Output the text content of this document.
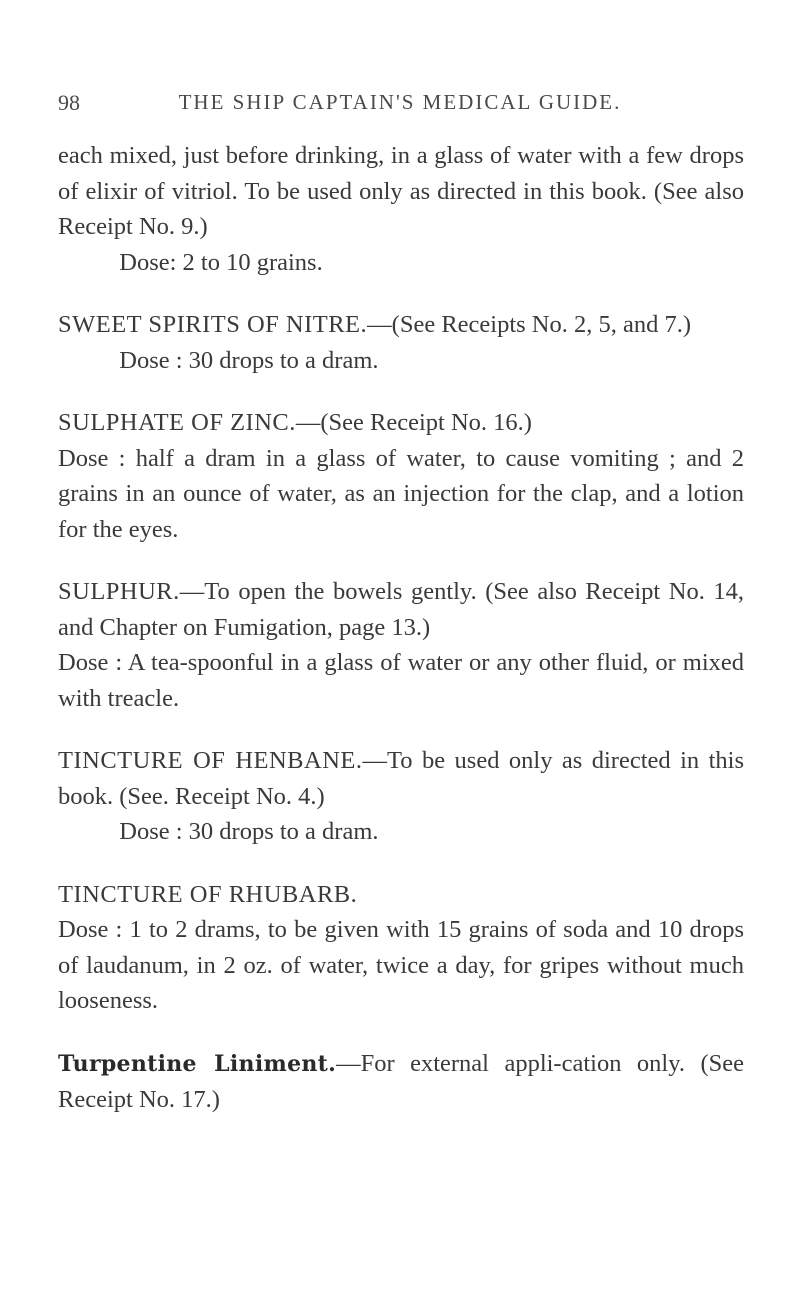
98	THE SHIP CAPTAIN'S MEDICAL GUIDE.

each mixed, just before drinking, in a glass of water with a few drops of elixir of vitriol. To be used only as directed in this book. (See also Receipt No. 9.)

Dose: 2 to 10 grains.

SWEET SPIRITS OF NITRE.—(See Receipts No. 2, 5, and 7.)

Dose : 30 drops to a dram.

SULPHATE OF ZINC.—(See Receipt No. 16.)

Dose : half a dram in a glass of water, to cause vomiting ; and 2 grains in an ounce of water, as an injection for the clap, and a lotion for the eyes.

SULPHUR.—To open the bowels gently. (See also Receipt No. 14, and Chapter on Fumigation, page 13.)

Dose : A tea-spoonful in a glass of water or any other fluid, or mixed with treacle.

TINCTURE OF HENBANE.—To be used only as directed in this book. (See. Receipt No. 4.)

Dose : 30 drops to a dram.

TINCTURE OF RHUBARB.

Dose : 1 to 2 drams, to be given with 15 grains of soda and 10 drops of laudanum, in 2 oz. of water, twice a day, for gripes without much looseness.

Turpentine Liniment.—For external appli-cation only. (See Receipt No. 17.)
